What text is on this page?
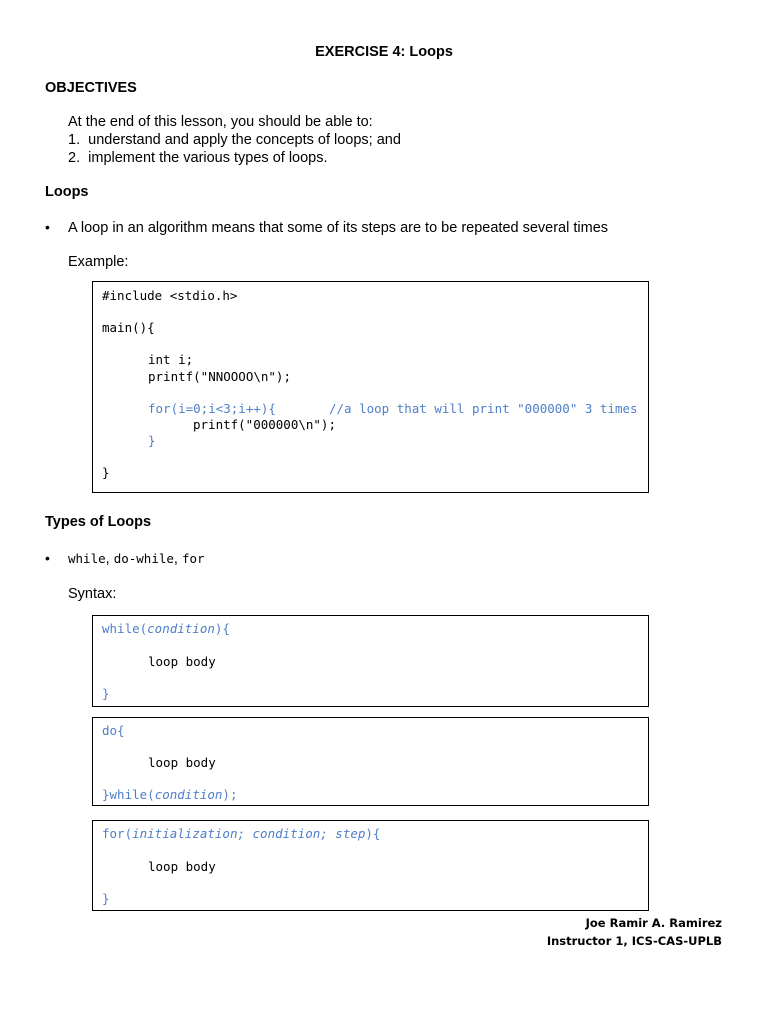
EXERCISE 4: Loops
OBJECTIVES
At the end of this lesson, you should be able to:
1.  understand and apply the concepts of loops; and
2.  implement the various types of loops.
Loops
• A loop in an algorithm means that some of its steps are to be repeated several times
Example:
#include <stdio.h>
main(){
int i;
printf("NNOOOO\n");
for(i=0;i<3;i++){	//a loop that will print "000000" 3 times
printf("000000\n");
}
}
Types of Loops
• while, do-while, for
Syntax:
while(condition){
loop body
}
do{
loop body
}while(condition);
for(initialization; condition; step){
loop body
}
Joe Ramir A. Ramirez
Instructor 1, ICS-CAS-UPLB
